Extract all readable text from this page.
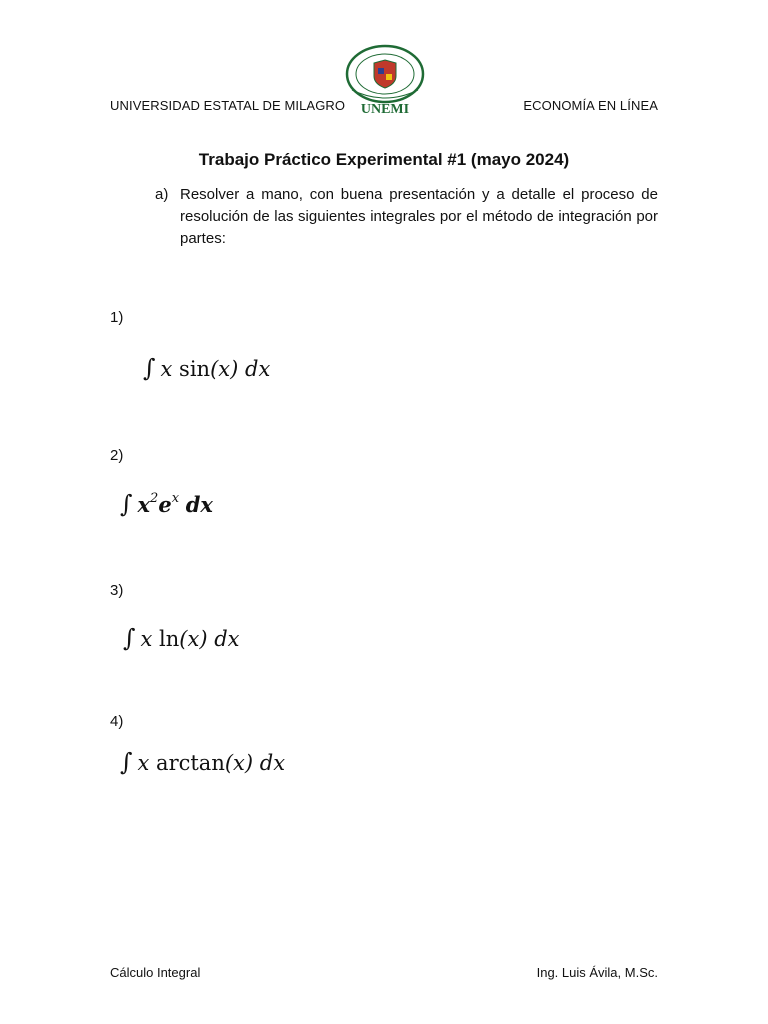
UNIVERSIDAD ESTATAL DE MILAGRO UNEMI	ECONOMÍA EN LÍNEA
Trabajo Práctico Experimental #1 (mayo 2024)
a) Resolver a mano, con buena presentación y a detalle el proceso de resolución de las siguientes integrales por el método de integración por partes:
1)
∫ x sin(x) dx
2)
∫ $x^2e^x$ dx
3)
∫ x ln(x) dx
4)
∫ x arctan(x) dx
Cálculo Integral	Ing. Luis Ávila, M.Sc.
